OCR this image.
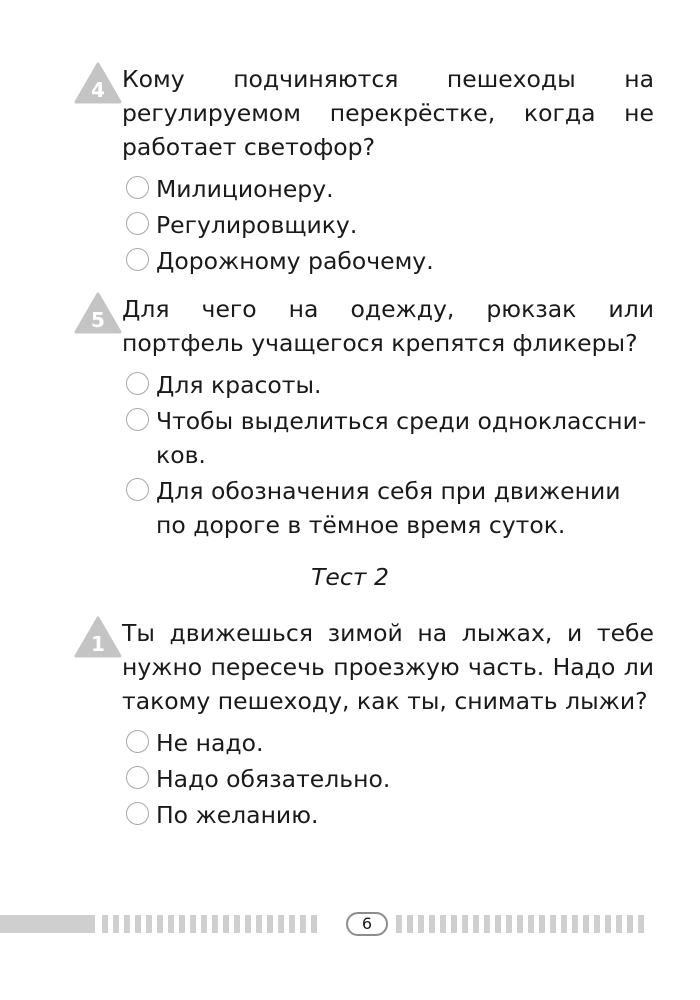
4 Кому подчиняются пешеходы на регулируемом перекрёстке, когда не работает светофор?
Милиционеру.
Регулировщику.
Дорожному рабочему.
5 Для чего на одежду, рюкзак или портфель учащегося крепятся фликеры?
Для красоты.
Чтобы выделиться среди одноклассников.
Для обозначения себя при движении по дороге в тёмное время суток.
Тест 2
1 Ты движешься зимой на лыжах, и тебе нужно пересечь проезжую часть. Надо ли такому пешеходу, как ты, снимать лыжи?
Не надо.
Надо обязательно.
По желанию.
6
